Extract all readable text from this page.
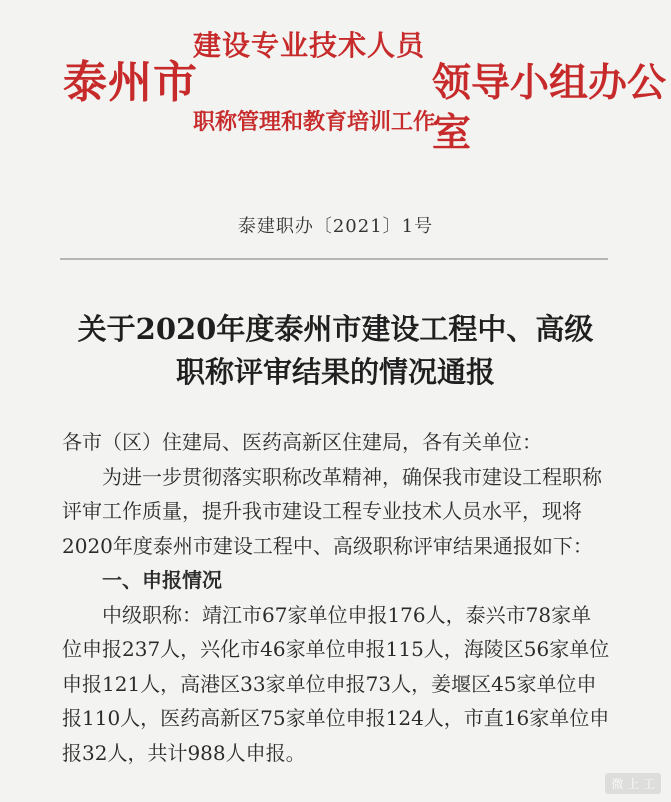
泰州市
建设专业技术人员
职称管理和教育培训工作
领导小组办公室
泰建职办〔2021〕1号
关于2020年度泰州市建设工程中、高级
职称评审结果的情况通报

各市（区）住建局、医药高新区住建局，各有关单位：

为进一步贯彻落实职称改革精神，确保我市建设工程职称评审工作质量，提升我市建设工程专业技术人员水平，现将2020年度泰州市建设工程中、高级职称评审结果通报如下：

一、申报情况

中级职称：靖江市67家单位申报176人，泰兴市78家单位申报237人，兴化市46家单位申报115人，海陵区56家单位申报121人，高港区33家单位申报73人，姜堰区45家单位申报110人，医药高新区75家单位申报124人，市直16家单位申报32人，共计988人申报。

微 上 工
